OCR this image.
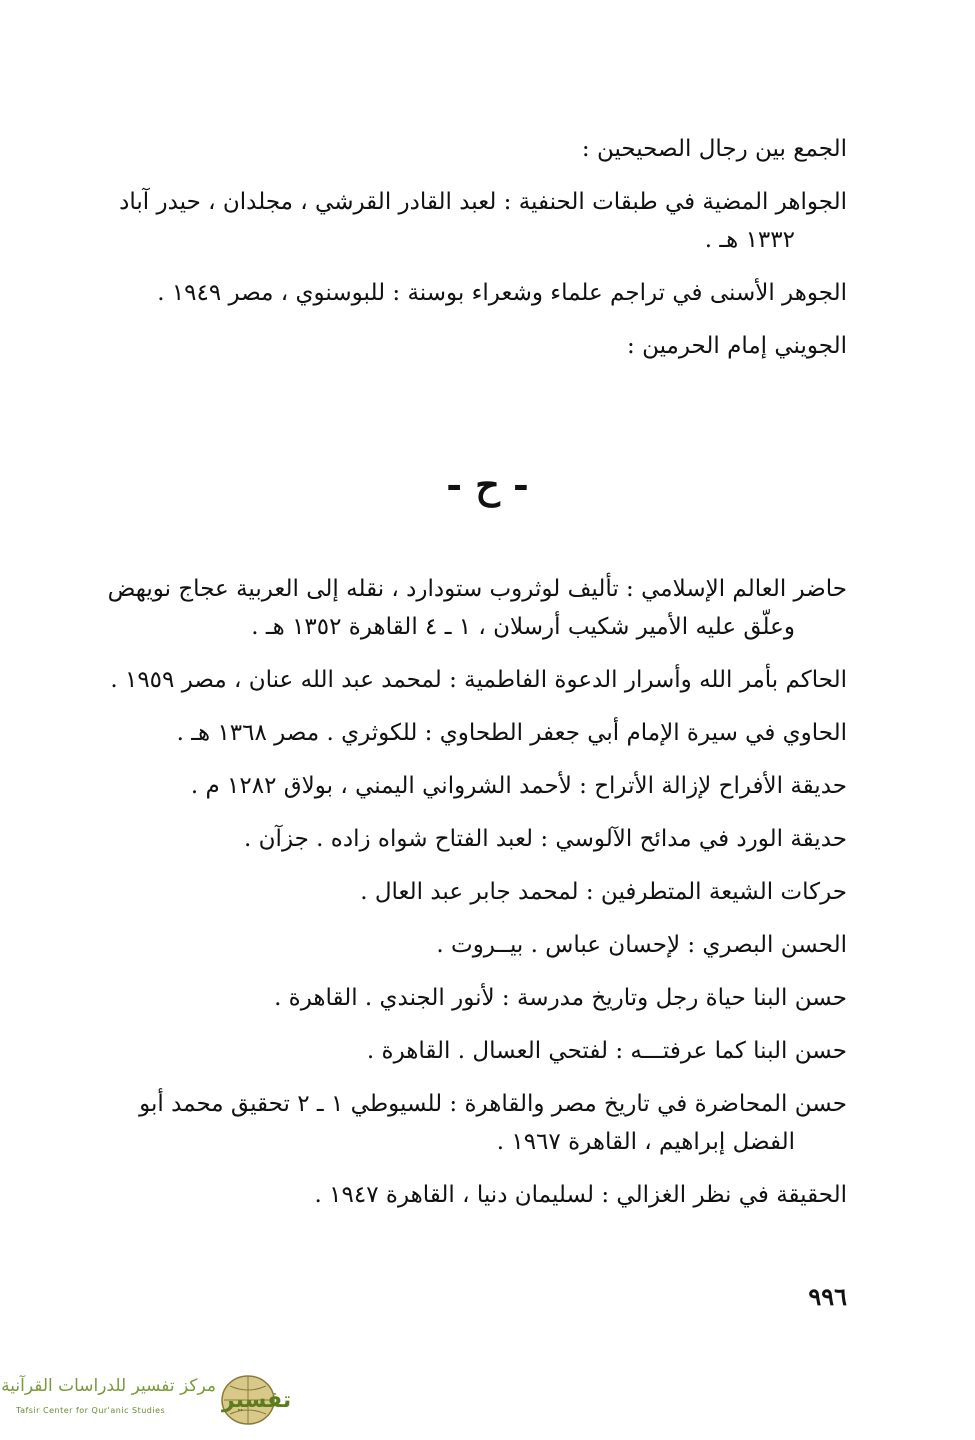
الجمع بين رجال الصحيحين :
الجواهر المضية في طبقات الحنفية : لعبد القادر القرشي ، مجلدان ، حيدر آباد

١٣٣٢ هـ .
الجوهر الأسنى في تراجم علماء وشعراء بوسنة : للبوسنوي ، مصر ١٩٤٩ .
الجويني إمام الحرمين :
- ح -
حاضر العالم الإسلامي : تأليف لوثروب ستودارد ، نقله إلى العربية عجاج نويهض

وعلّق عليه الأمير شكيب أرسلان ، ١ ـ ٤ القاهرة ١٣٥٢ هـ .
الحاكم بأمر الله وأسرار الدعوة الفاطمية : لمحمد عبد الله عنان ، مصر ١٩٥٩ .
الحاوي في سيرة الإمام أبي جعفر الطحاوي : للكوثري . مصر ١٣٦٨ هـ .
حديقة الأفراح لإزالة الأتراح : لأحمد الشرواني اليمني ، بولاق ١٢٨٢ م .
حديقة الورد في مدائح الآلوسي : لعبد الفتاح شواه زاده . جزآن .
حركات الشيعة المتطرفين : لمحمد جابر عبد العال .
الحسن البصري : لإحسان عباس . بيــروت .
حسن البنا حياة رجل وتاريخ مدرسة : لأنور الجندي . القاهرة .
حسن البنا كما عرفتـــه : لفتحي العسال . القاهرة .
حسن المحاضرة في تاريخ مصر والقاهرة : للسيوطي ١ ـ ٢ تحقيق محمد أبو

الفضل إبراهيم ، القاهرة ١٩٦٧ .
الحقيقة في نظر الغزالي : لسليمان دنيا ، القاهرة ١٩٤٧ .
٩٩٦
مركز تفسير للدراسات القرآنية
Tafsir Center for Qur'anic Studies	تفسير
